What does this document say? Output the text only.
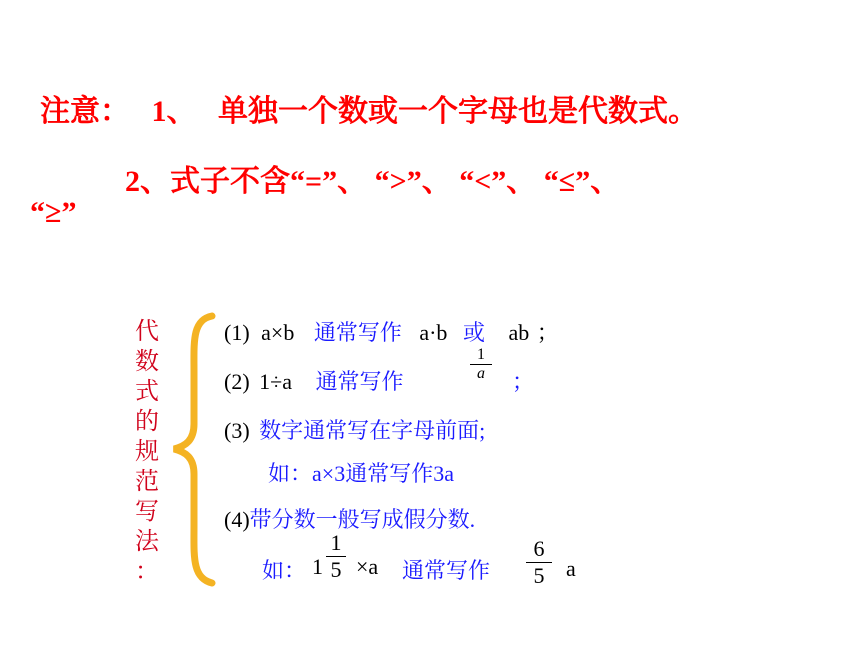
注意： 1、 单独一个数或一个字母也是代数式。
2、式子不含“=”、 “>”、 “<”、 “≤”、
“≥”
代
数
式
的
规
范
写
法
：
(1) a×b 通常写作 a·b 或 ab ；
(2) 1÷a 通常写作
1
a	；
(3) 数字通常写在字母前面;
如：a×3通常写作3a
(4)带分数一般写成假分数.
如： 1
1
5 ×a 通常写作
6
5 a
